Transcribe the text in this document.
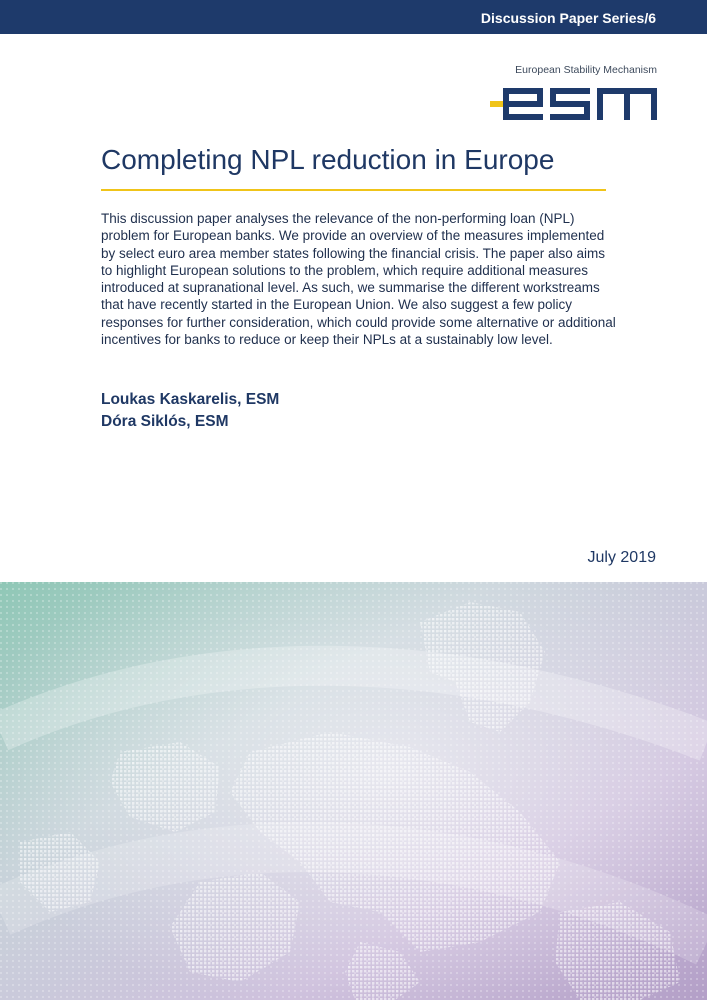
Discussion Paper Series/6
European Stability Mechanism
Completing NPL reduction in Europe

This discussion paper analyses the relevance of the non-performing loan (NPL) problem for European banks. We provide an overview of the measures implemented by select euro area member states following the financial crisis. The paper also aims to highlight European solutions to the problem, which require additional measures introduced at supranational level. As such, we summarise the different workstreams that have recently started in the European Union. We also suggest a few policy responses for further consideration, which could provide some alternative or additional incentives for banks to reduce or keep their NPLs at a sustainably low level.

Loukas Kaskarelis, ESM
Dóra Siklós, ESM
July 2019
